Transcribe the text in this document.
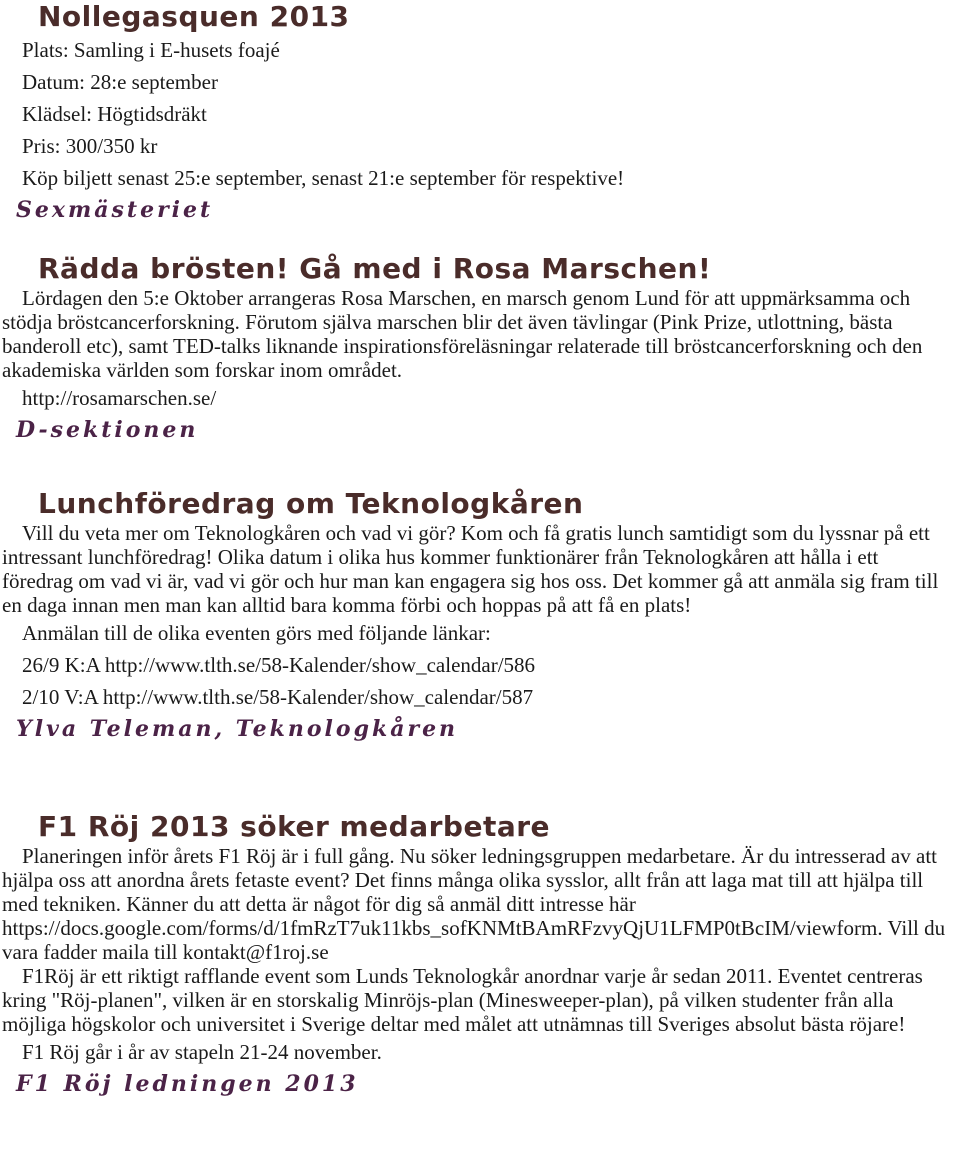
Nollegasquen 2013

Plats: Samling i E-husets foajé

Datum: 28:e september

Klädsel: Högtidsdräkt

Pris: 300/350 kr

Köp biljett senast 25:e september, senast 21:e september för respektive!

Sexmästeriet

Rädda brösten! Gå med i Rosa Marschen!

Lördagen den 5:e Oktober arrangeras Rosa Marschen, en marsch genom Lund för att uppmärksamma och stödja bröstcancerforskning. Förutom själva marschen blir det även tävlingar (Pink Prize, utlottning, bästa banderoll etc), samt TED-talks liknande inspirationsföreläsningar relaterade till bröstcancerforskning och den akademiska världen som forskar inom området.

http://rosamarschen.se/

D-sektionen

Lunchföredrag om Teknologkåren

Vill du veta mer om Teknologkåren och vad vi gör? Kom och få gratis lunch samtidigt som du lyssnar på ett intressant lunchföredrag! Olika datum i olika hus kommer funktionärer från Teknologkåren att hålla i ett föredrag om vad vi är, vad vi gör och hur man kan engagera sig hos oss. Det kommer gå att anmäla sig fram till en daga innan men man kan alltid bara komma förbi och hoppas på att få en plats!

Anmälan till de olika eventen görs med följande länkar:

26/9 K:A http://www.tlth.se/58-Kalender/show_calendar/586

2/10 V:A http://www.tlth.se/58-Kalender/show_calendar/587

Ylva Teleman, Teknologkåren

F1 Röj 2013 söker medarbetare

Planeringen inför årets F1 Röj är i full gång. Nu söker ledningsgruppen medarbetare. Är du intresserad av att hjälpa oss att anordna årets fetaste event? Det finns många olika sysslor, allt från att laga mat till att hjälpa till med tekniken. Känner du att detta är något för dig så anmäl ditt intresse här https://docs.google.com/forms/d/1fmRzT7uk11kbs_sofKNMtBAmRFzvyQjU1LFMP0tBcIM/viewform. Vill du vara fadder maila till kontakt@f1roj.se

F1Röj är ett riktigt rafflande event som Lunds Teknologkår anordnar varje år sedan 2011. Eventet centreras kring "Röj-planen", vilken är en storskalig Minröjs-plan (Minesweeper-plan), på vilken studenter från alla möjliga högskolor och universitet i Sverige deltar med målet att utnämnas till Sveriges absolut bästa röjare!

F1 Röj går i år av stapeln 21-24 november.

F1 Röj ledningen 2013
